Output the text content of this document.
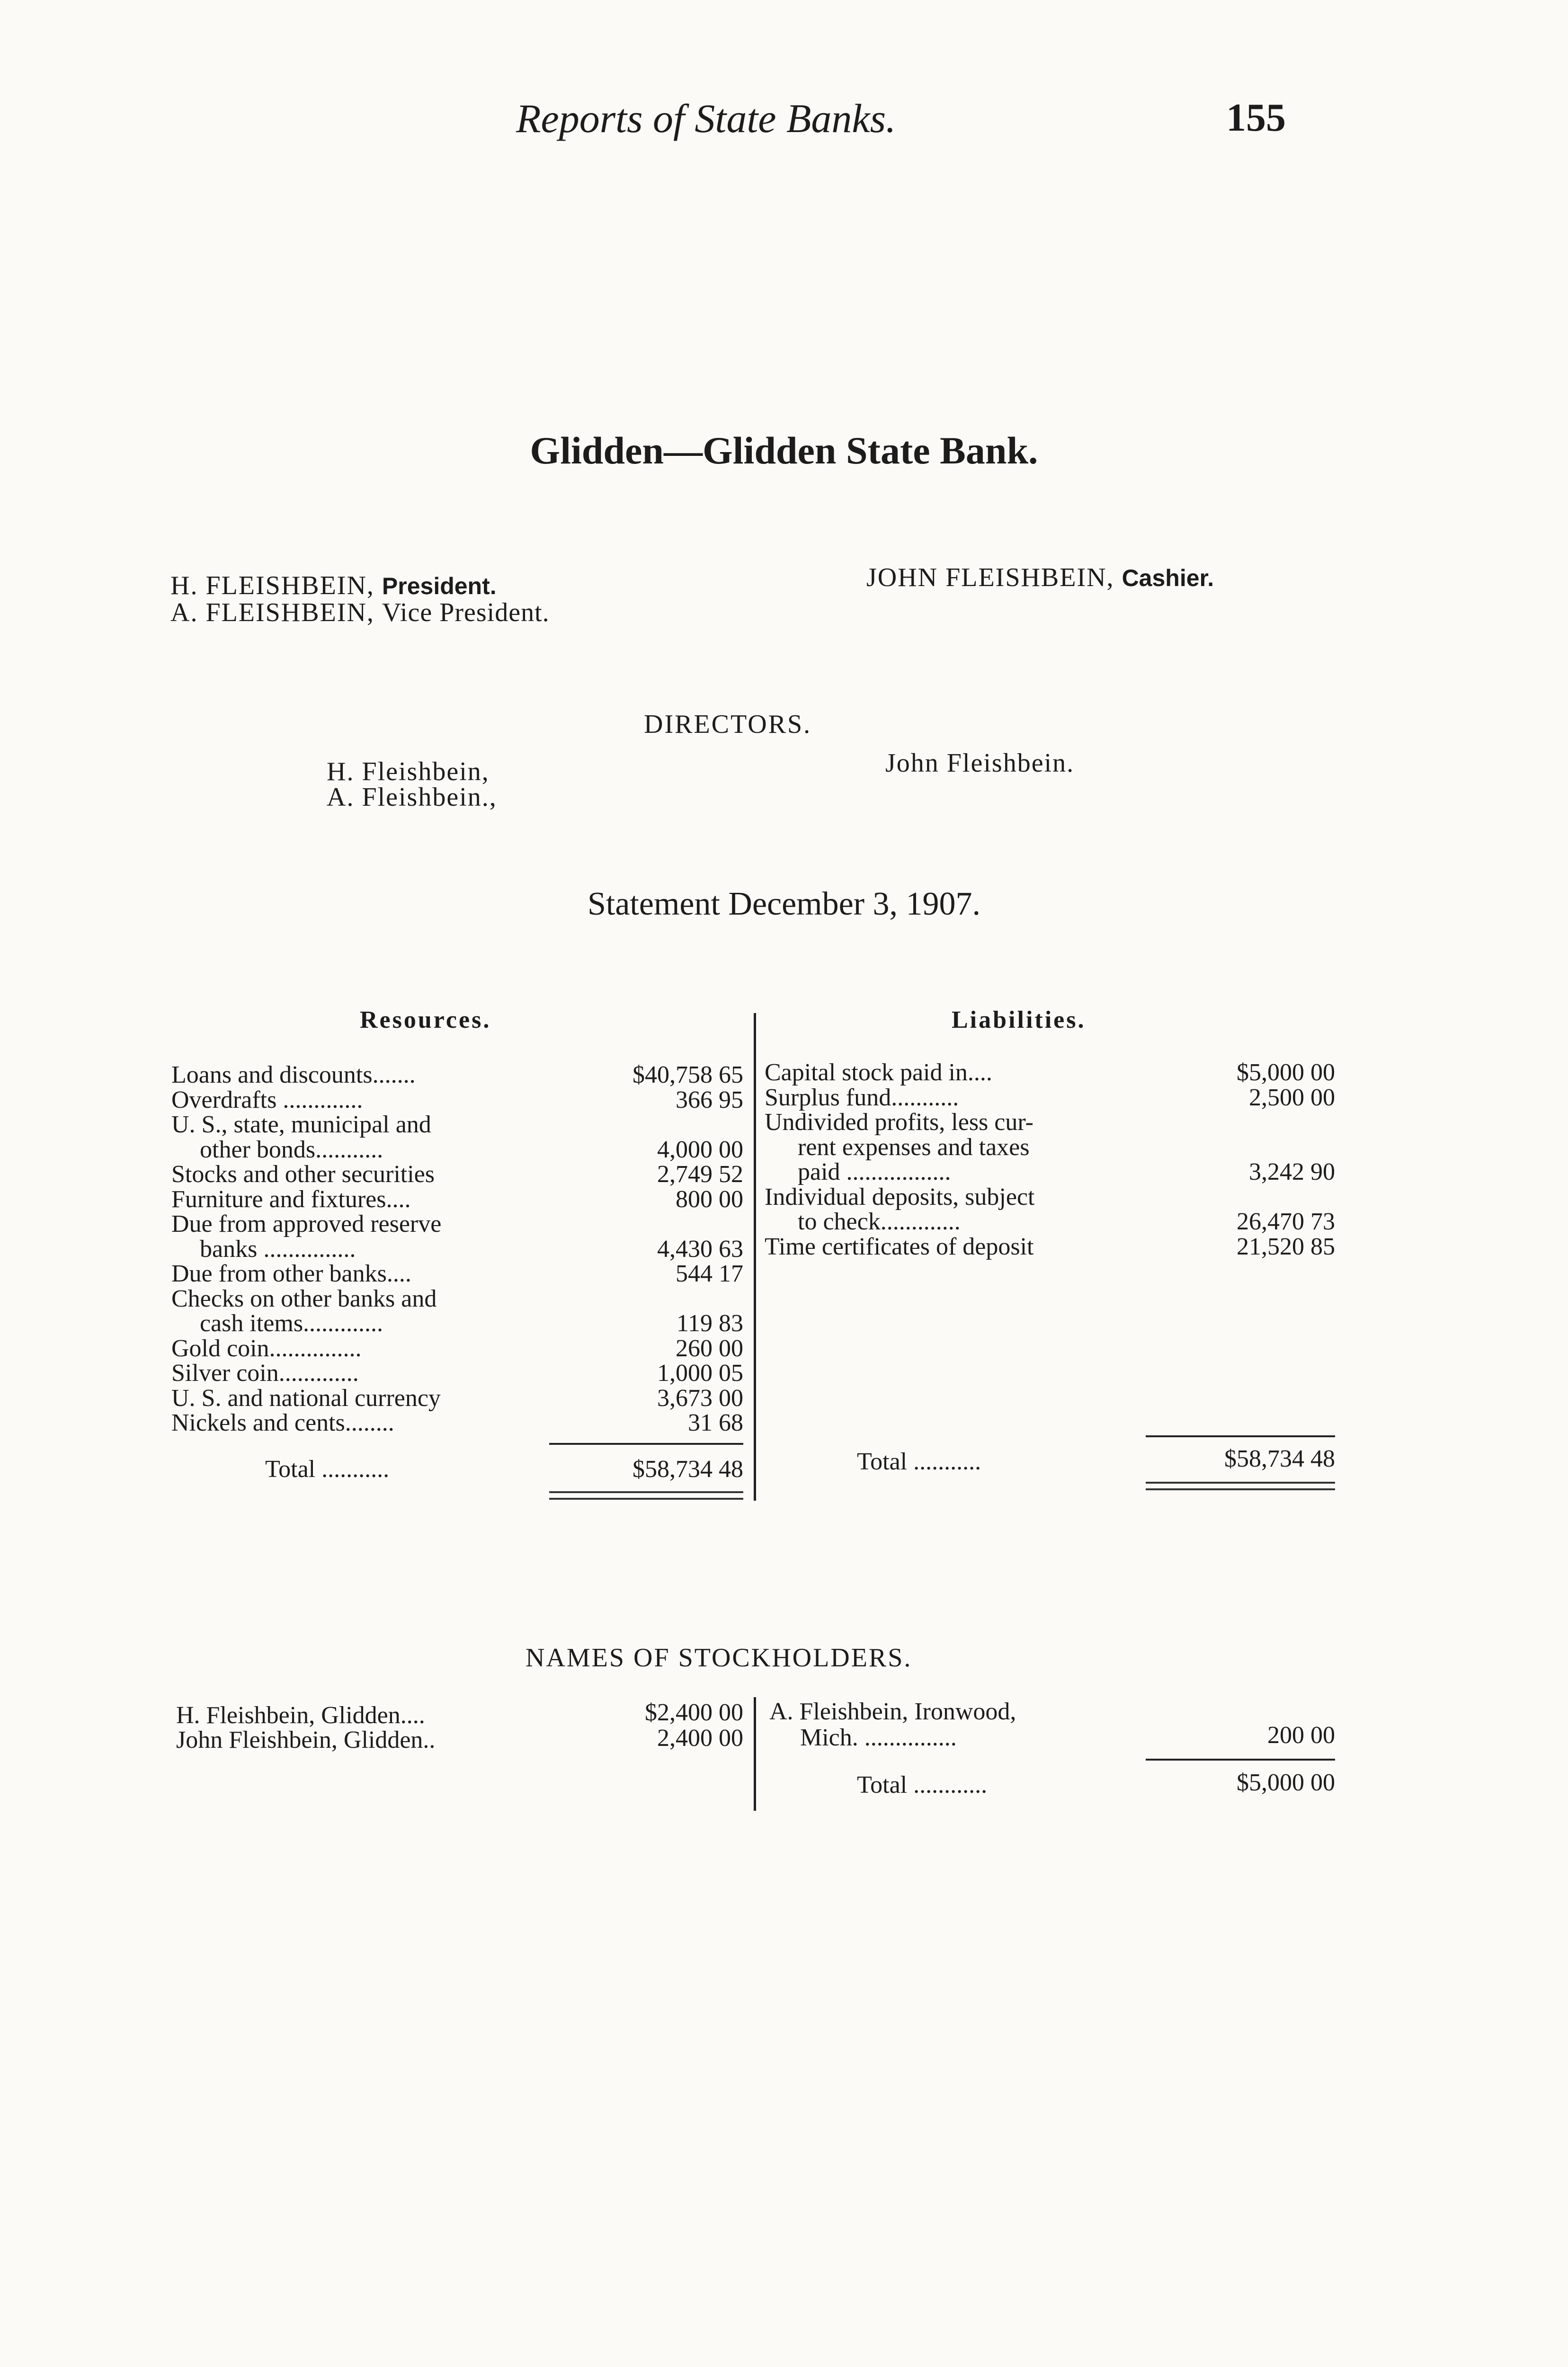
Reports of State Banks.	155
Glidden—Glidden State Bank.
H. FLEISHBEIN, President.
A. FLEISHBEIN, Vice President.
JOHN FLEISHBEIN, Cashier.
DIRECTORS.
H. Fleishbein,
A. Fleishbein.,
John Fleishbein.
Statement December 3, 1907.
Resources.	Liabilities.
Loans and discounts.......	$40,758 65
Overdrafts .............	366 95
U. S., state, municipal and
other bonds...........	4,000 00
Stocks and other securities	2,749 52
Furniture and fixtures....	800 00
Due from approved reserve
banks ...............	4,430 63
Due from other banks....	544 17
Checks on other banks and
cash items.............	119 83
Gold coin...............	260 00
Silver coin.............	1,000 05
U. S. and national currency	3,673 00
Nickels and cents........	31 68
Total ...........	$58,734 48
Capital stock paid in....	$5,000 00
Surplus fund...........	2,500 00
Undivided profits, less cur-
rent expenses and taxes
paid .................	3,242 90
Individual deposits, subject
to check.............	26,470 73
Time certificates of deposit	21,520 85
Total ...........	$58,734 48
NAMES OF STOCKHOLDERS.
H. Fleishbein, Glidden....	$2,400 00
John Fleishbein, Glidden..	2,400 00
A. Fleishbein, Ironwood,
Mich. ...............	200 00
Total ............	$5,000 00
